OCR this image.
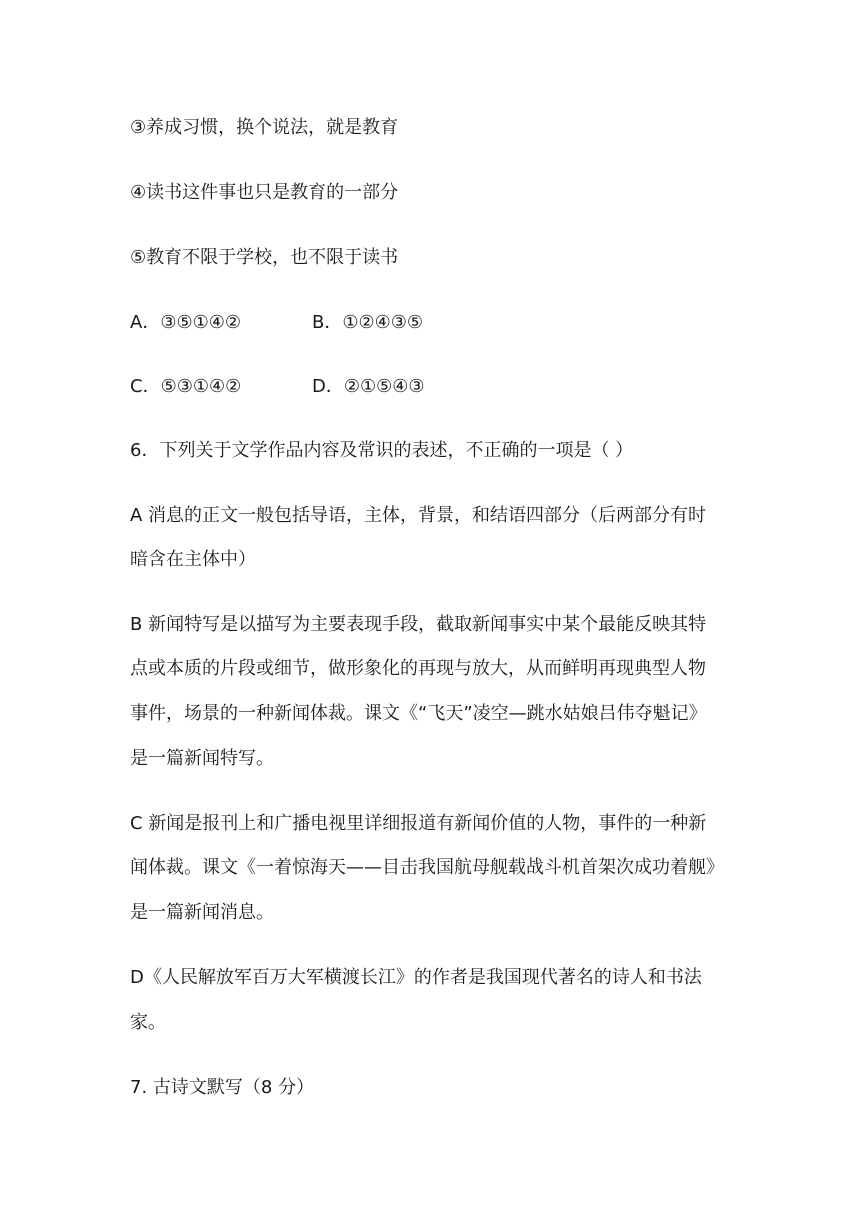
③养成习惯，换个说法，就是教育
④读书这件事也只是教育的一部分
⑤教育不限于学校，也不限于读书
A．③⑤①④②	B．①②④③⑤
C．⑤③①④②	D．②①⑤④③
6．下列关于文学作品内容及常识的表述，不正确的一项是（ ）
A 消息的正文一般包括导语，主体，背景，和结语四部分（后两部分有时
暗含在主体中）
B 新闻特写是以描写为主要表现手段，截取新闻事实中某个最能反映其特
点或本质的片段或细节，做形象化的再现与放大，从而鲜明再现典型人物
事件，场景的一种新闻体裁。课文《“飞天”凌空—跳水姑娘吕伟夺魁记》
是一篇新闻特写。
C 新闻是报刊上和广播电视里详细报道有新闻价值的人物，事件的一种新
闻体裁。课文《一着惊海天——目击我国航母舰载战斗机首架次成功着舰》
是一篇新闻消息。
D《人民解放军百万大军横渡长江》的作者是我国现代著名的诗人和书法
家。
7. 古诗文默写（8 分）
